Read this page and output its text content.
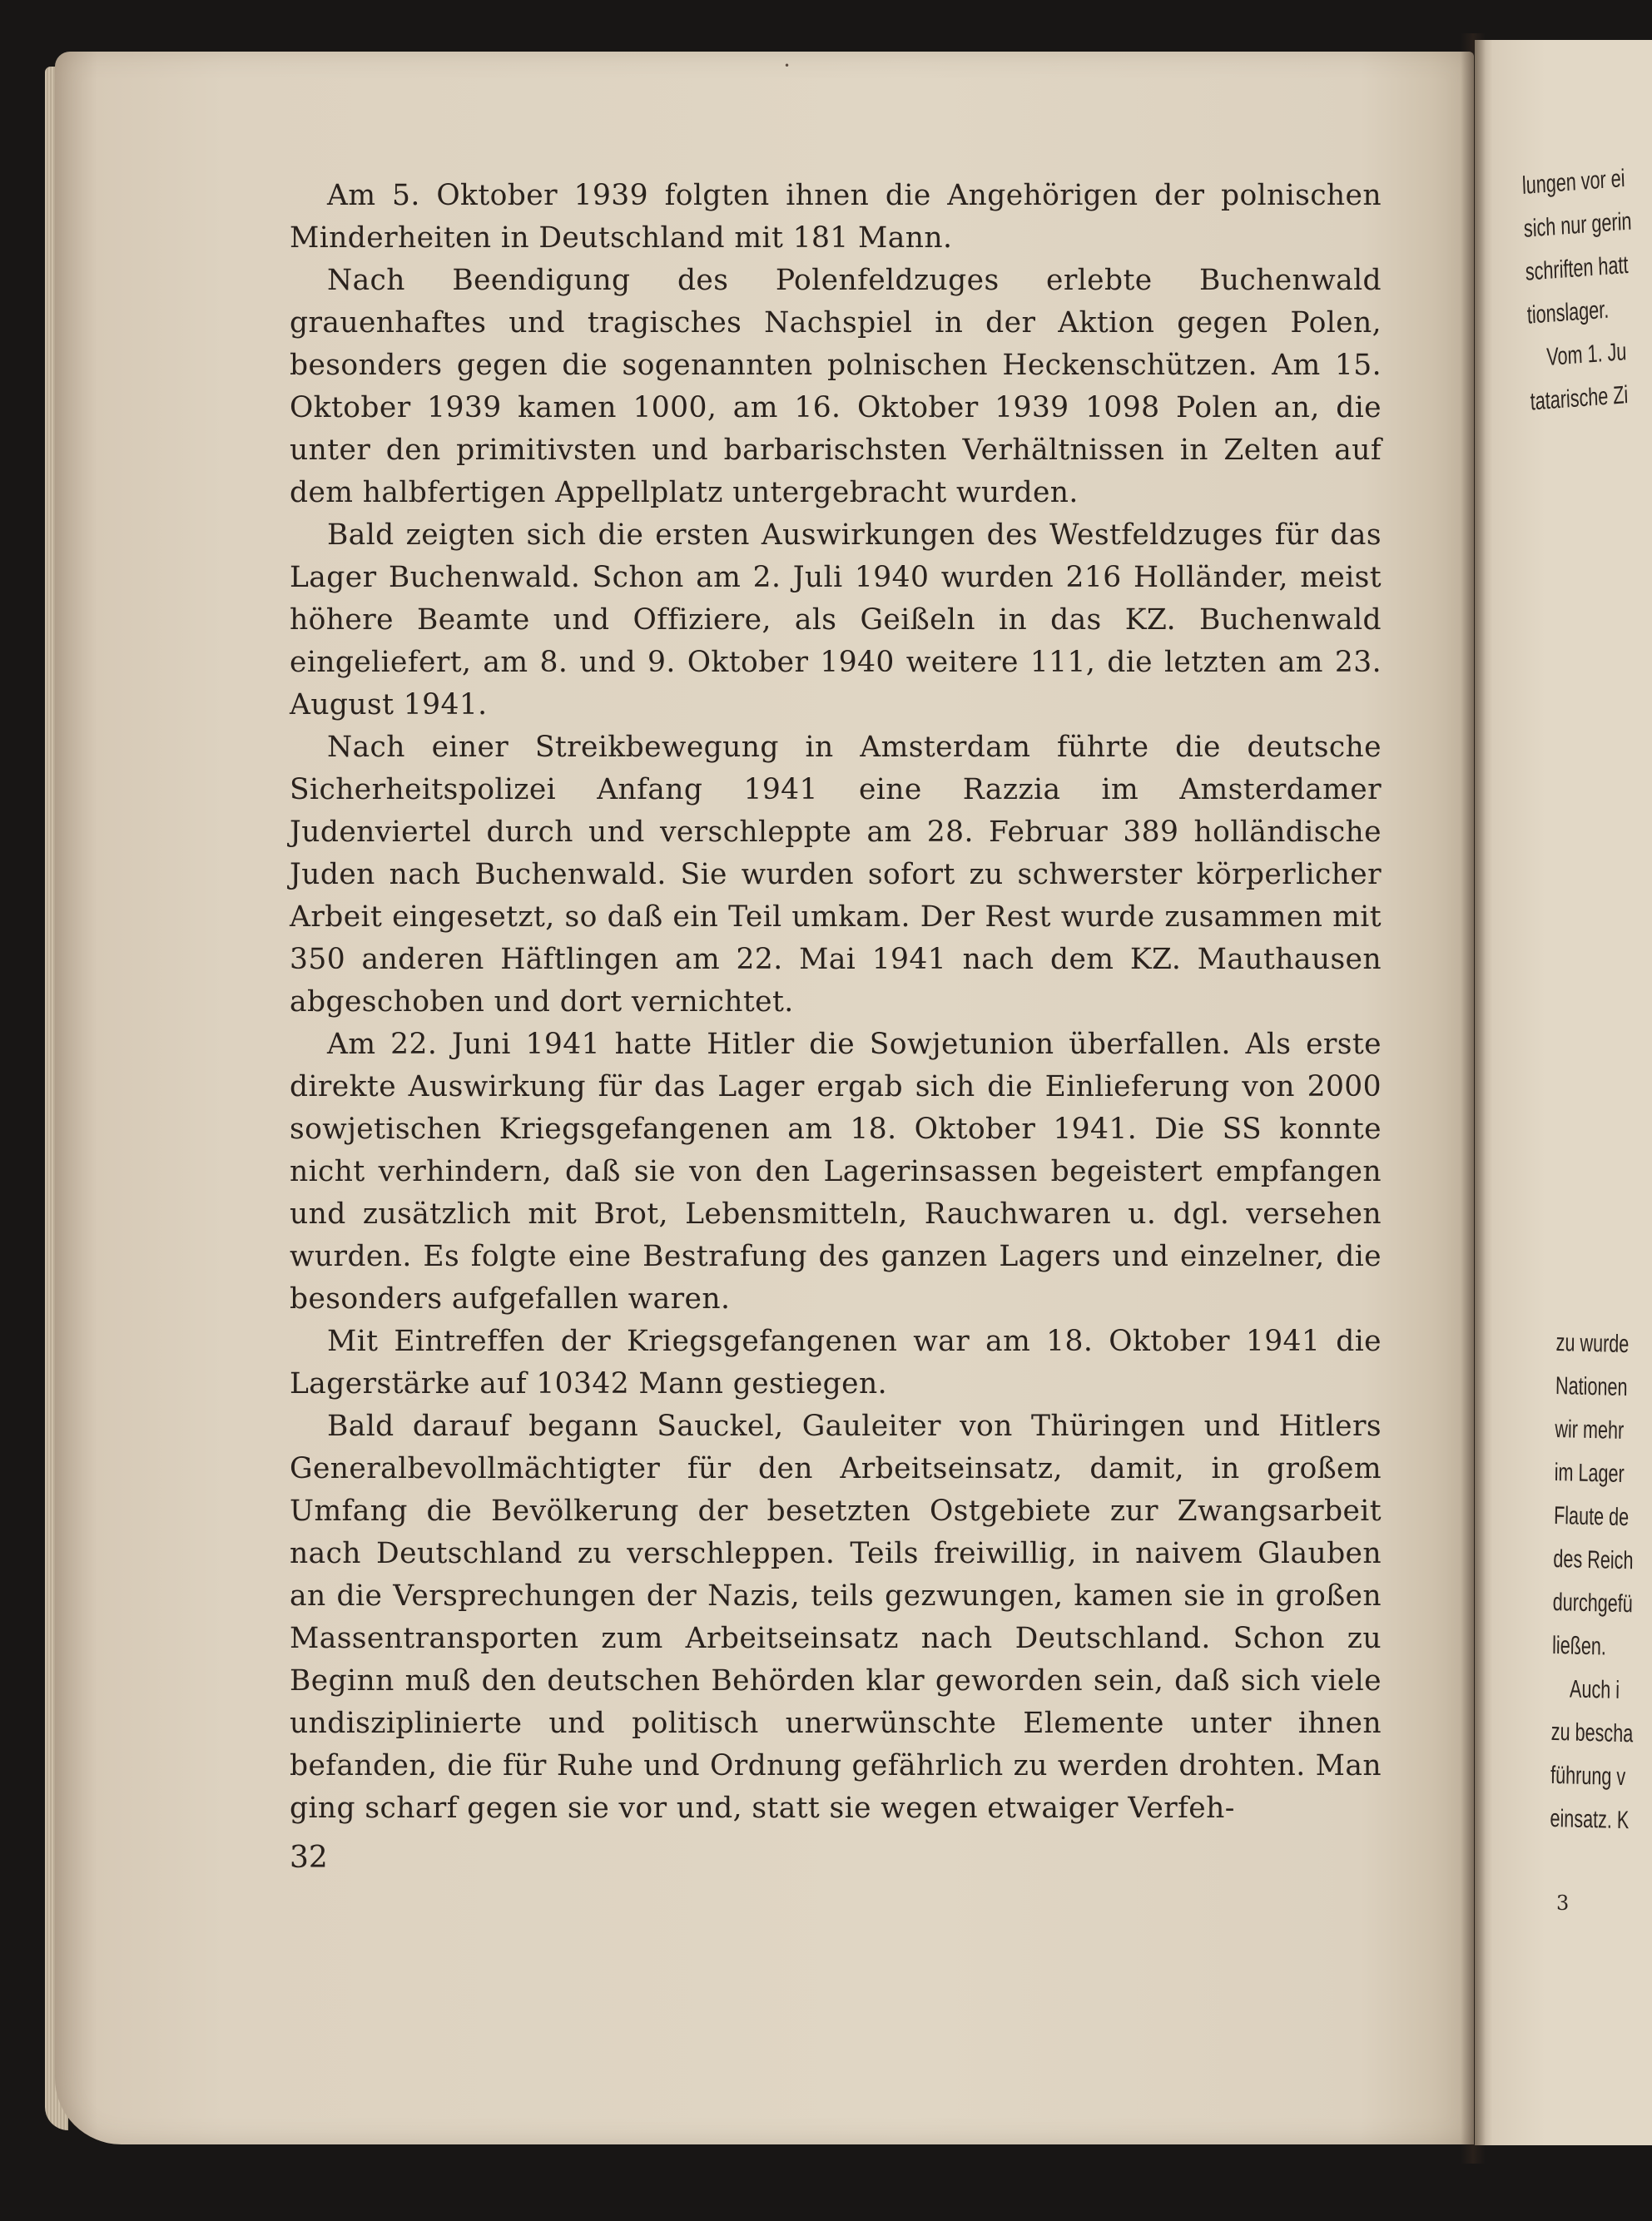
•
lungen vor ei
sich nur gerin
schriften hatt
tionslager.
Vom 1. Ju
tatarische Zi
zu wurde
Nationen
wir mehr
im Lager
Flaute de
des Reich
durchgefü
ließen.
Auch i
zu bescha
führung v
einsatz. K
3

Am 5. Oktober 1939 folgten ihnen die Angehörigen der polnischen Minderheiten in Deutschland mit 181 Mann.

Nach Beendigung des Polenfeldzuges erlebte Buchenwald grauenhaftes und tragisches Nachspiel in der Aktion gegen Polen, besonders gegen die sogenannten polnischen Heckenschützen. Am 15. Oktober 1939 kamen 1000, am 16. Oktober 1939 1098 Polen an, die unter den primitivsten und barbarischsten Verhältnissen in Zelten auf dem halbfertigen Appellplatz untergebracht wurden.

Bald zeigten sich die ersten Auswirkungen des Westfeldzuges für das Lager Buchenwald. Schon am 2. Juli 1940 wurden 216 Holländer, meist höhere Beamte und Offiziere, als Geißeln in das KZ. Buchenwald eingeliefert, am 8. und 9. Oktober 1940 weitere 111, die letzten am 23. August 1941.

Nach einer Streikbewegung in Amsterdam führte die deutsche Sicherheitspolizei Anfang 1941 eine Razzia im Amsterdamer Judenviertel durch und verschleppte am 28. Februar 389 holländische Juden nach Buchenwald. Sie wurden sofort zu schwerster körperlicher Arbeit eingesetzt, so daß ein Teil umkam. Der Rest wurde zusammen mit 350 anderen Häftlingen am 22. Mai 1941 nach dem KZ. Mauthausen abgeschoben und dort vernichtet.

Am 22. Juni 1941 hatte Hitler die Sowjetunion überfallen. Als erste direkte Auswirkung für das Lager ergab sich die Einlieferung von 2000 sowjetischen Kriegsgefangenen am 18. Oktober 1941. Die SS konnte nicht verhindern, daß sie von den Lagerinsassen begeistert empfangen und zusätzlich mit Brot, Lebensmitteln, Rauchwaren u. dgl. versehen wurden. Es folgte eine Bestrafung des ganzen Lagers und einzelner, die besonders aufgefallen waren.

Mit Eintreffen der Kriegsgefangenen war am 18. Oktober 1941 die Lagerstärke auf 10342 Mann gestiegen.

Bald darauf begann Sauckel, Gauleiter von Thüringen und Hitlers Generalbevollmächtigter für den Arbeitseinsatz, damit, in großem Umfang die Bevölkerung der besetzten Ostgebiete zur Zwangsarbeit nach Deutschland zu verschleppen. Teils freiwillig, in naivem Glauben an die Versprechungen der Nazis, teils gezwungen, kamen sie in großen Massentransporten zum Arbeitseinsatz nach Deutschland. Schon zu Beginn muß den deutschen Behörden klar geworden sein, daß sich viele undisziplinierte und politisch unerwünschte Elemente unter ihnen befanden, die für Ruhe und Ordnung gefährlich zu werden drohten. Man ging scharf gegen sie vor und, statt sie wegen etwaiger Verfeh-

32
